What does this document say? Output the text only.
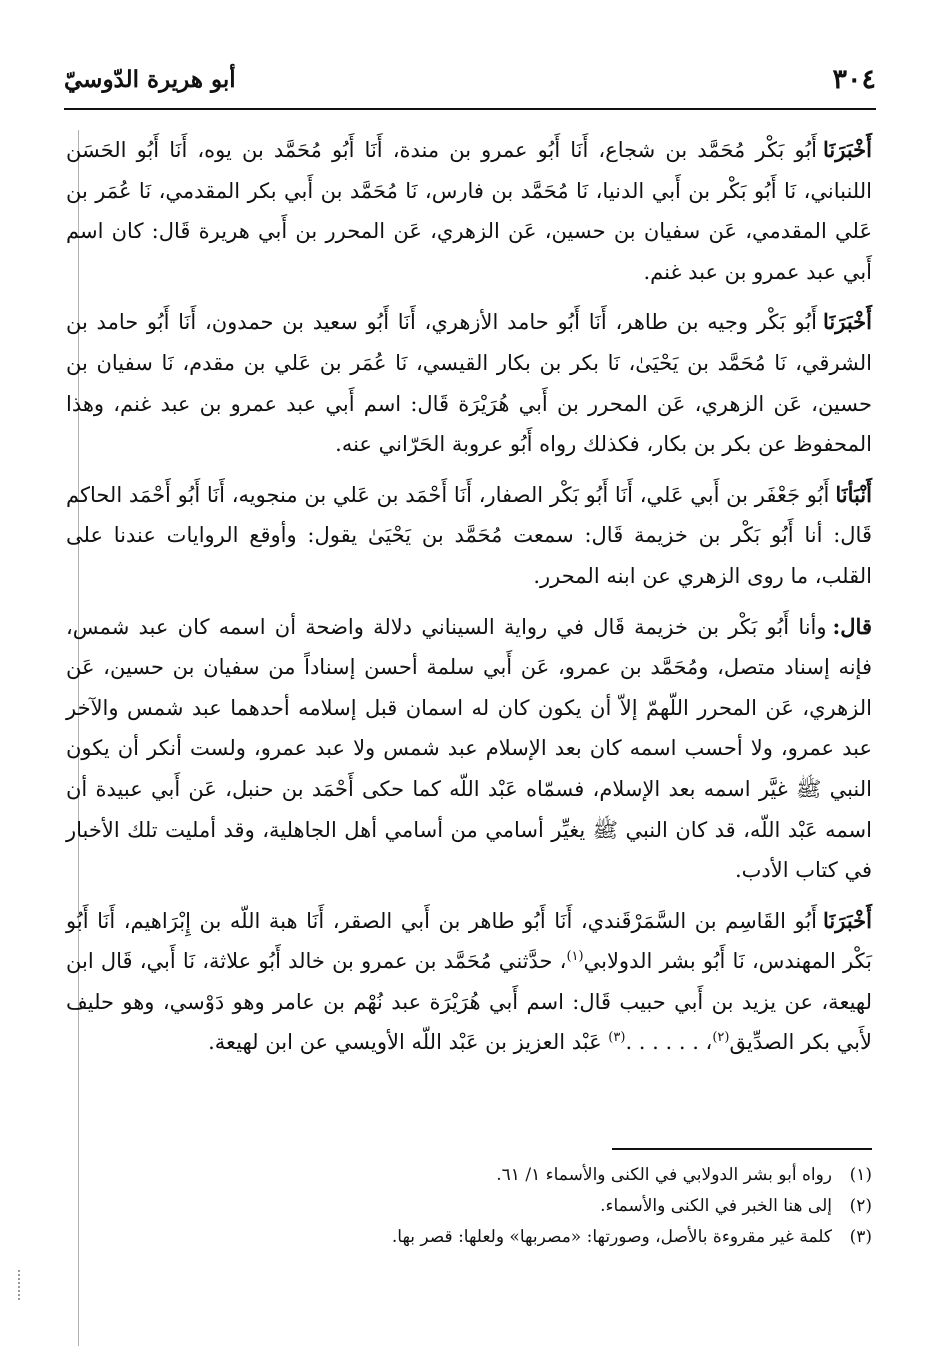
٣٠٤
أبو هريرة الدّوسيّ

أَخْبَرَنَاأَبُو بَكْر مُحَمَّد بن شجاع، أَنَا أَبُو عمرو بن مندة، أَنَا أَبُو مُحَمَّد بن يوه، أَنَا أَبُو الحَسَن اللنباني، نَا أَبُو بَكْر بن أَبي الدنيا، نَا مُحَمَّد بن فارس، نَا مُحَمَّد بن أَبي بكر المقدمي، نَا عُمَر بن عَلي المقدمي، عَن سفيان بن حسين، عَن الزهري، عَن المحرر بن أَبي هريرة قَال: كان اسم أَبي عبد عمرو بن عبد غنم.

أَخْبَرَنَاأَبُو بَكْر وجيه بن طاهر، أَنَا أَبُو حامد الأزهري، أَنَا أَبُو سعيد بن حمدون، أَنَا أَبُو حامد بن الشرقي، نَا مُحَمَّد بن يَحْيَىٰ، نَا بكر بن بكار القيسي، نَا عُمَر بن عَلي بن مقدم، نَا سفيان بن حسين، عَن الزهري، عَن المحرر بن أَبي هُرَيْرَة قَال: اسم أَبي عبد عمرو بن عبد غنم، وهذا المحفوظ عن بكر بن بكار، فكذلك رواه أَبُو عروبة الحَرّاني عنه.

أَنْبَأنَاأَبُو جَعْفَر بن أَبي عَلي، أَنَا أَبُو بَكْر الصفار، أَنَا أَحْمَد بن عَلي بن منجويه، أَنَا أَبُو أَحْمَد الحاكم قَال: أنا أَبُو بَكْر بن خزيمة قَال: سمعت مُحَمَّد بن يَحْيَىٰ يقول: وأوقع الروايات عندنا على القلب، ما روى الزهري عن ابنه المحرر.

قال:وأنا أَبُو بَكْر بن خزيمة قَال في رواية السيناني دلالة واضحة أن اسمه كان عبد شمس، فإنه إسناد متصل، ومُحَمَّد بن عمرو، عَن أَبي سلمة أحسن إسناداً من سفيان بن حسين، عَن الزهري، عَن المحرر اللّهمّ إلاّ أن يكون كان له اسمان قبل إسلامه أحدهما عبد شمس والآخر عبد عمرو، ولا أحسب اسمه كان بعد الإسلام عبد شمس ولا عبد عمرو، ولست أنكر أن يكون النبي ﷺ غيَّر اسمه بعد الإسلام، فسمّاه عَبْد اللّه كما حكى أَحْمَد بن حنبل، عَن أَبي عبيدة أن اسمه عَبْد اللّه، قد كان النبي ﷺ يغيِّر أسامي من أسامي أهل الجاهلية، وقد أمليت تلك الأخبار في كتاب الأدب.

أَخْبَرَنَاأَبُو القَاسِم بن السَّمَرْقَندي، أَنَا أَبُو طاهر بن أَبي الصقر، أَنَا هبة اللّه بن إِبْرَاهيم، أَنَا أَبُو بَكْر المهندس، نَا أَبُو بشر الدولابي$^{(١)}$، حدَّثني مُحَمَّد بن عمرو بن خالد أَبُو علاثة، نَا أَبي، قَال ابن لهيعة، عن يزيد بن أَبي حبيب قَال: اسم أَبي هُرَيْرَة عبد نُهْم بن عامر وهو دَوْسي، وهو حليف لأَبي بكر الصدِّيق$^{(٢)}$، . . . . . .$^{(٣)}$ عَبْد العزيز بن عَبْد اللّه الأويسي عن ابن لهيعة.

(١)رواه أبو بشر الدولابي في الكنى والأسماء ١/ ٦١.

(٢)إلى هنا الخبر في الكنى والأسماء.

(٣)كلمة غير مقروءة بالأصل، وصورتها: «مصربها» ولعلها: قصر بها.
